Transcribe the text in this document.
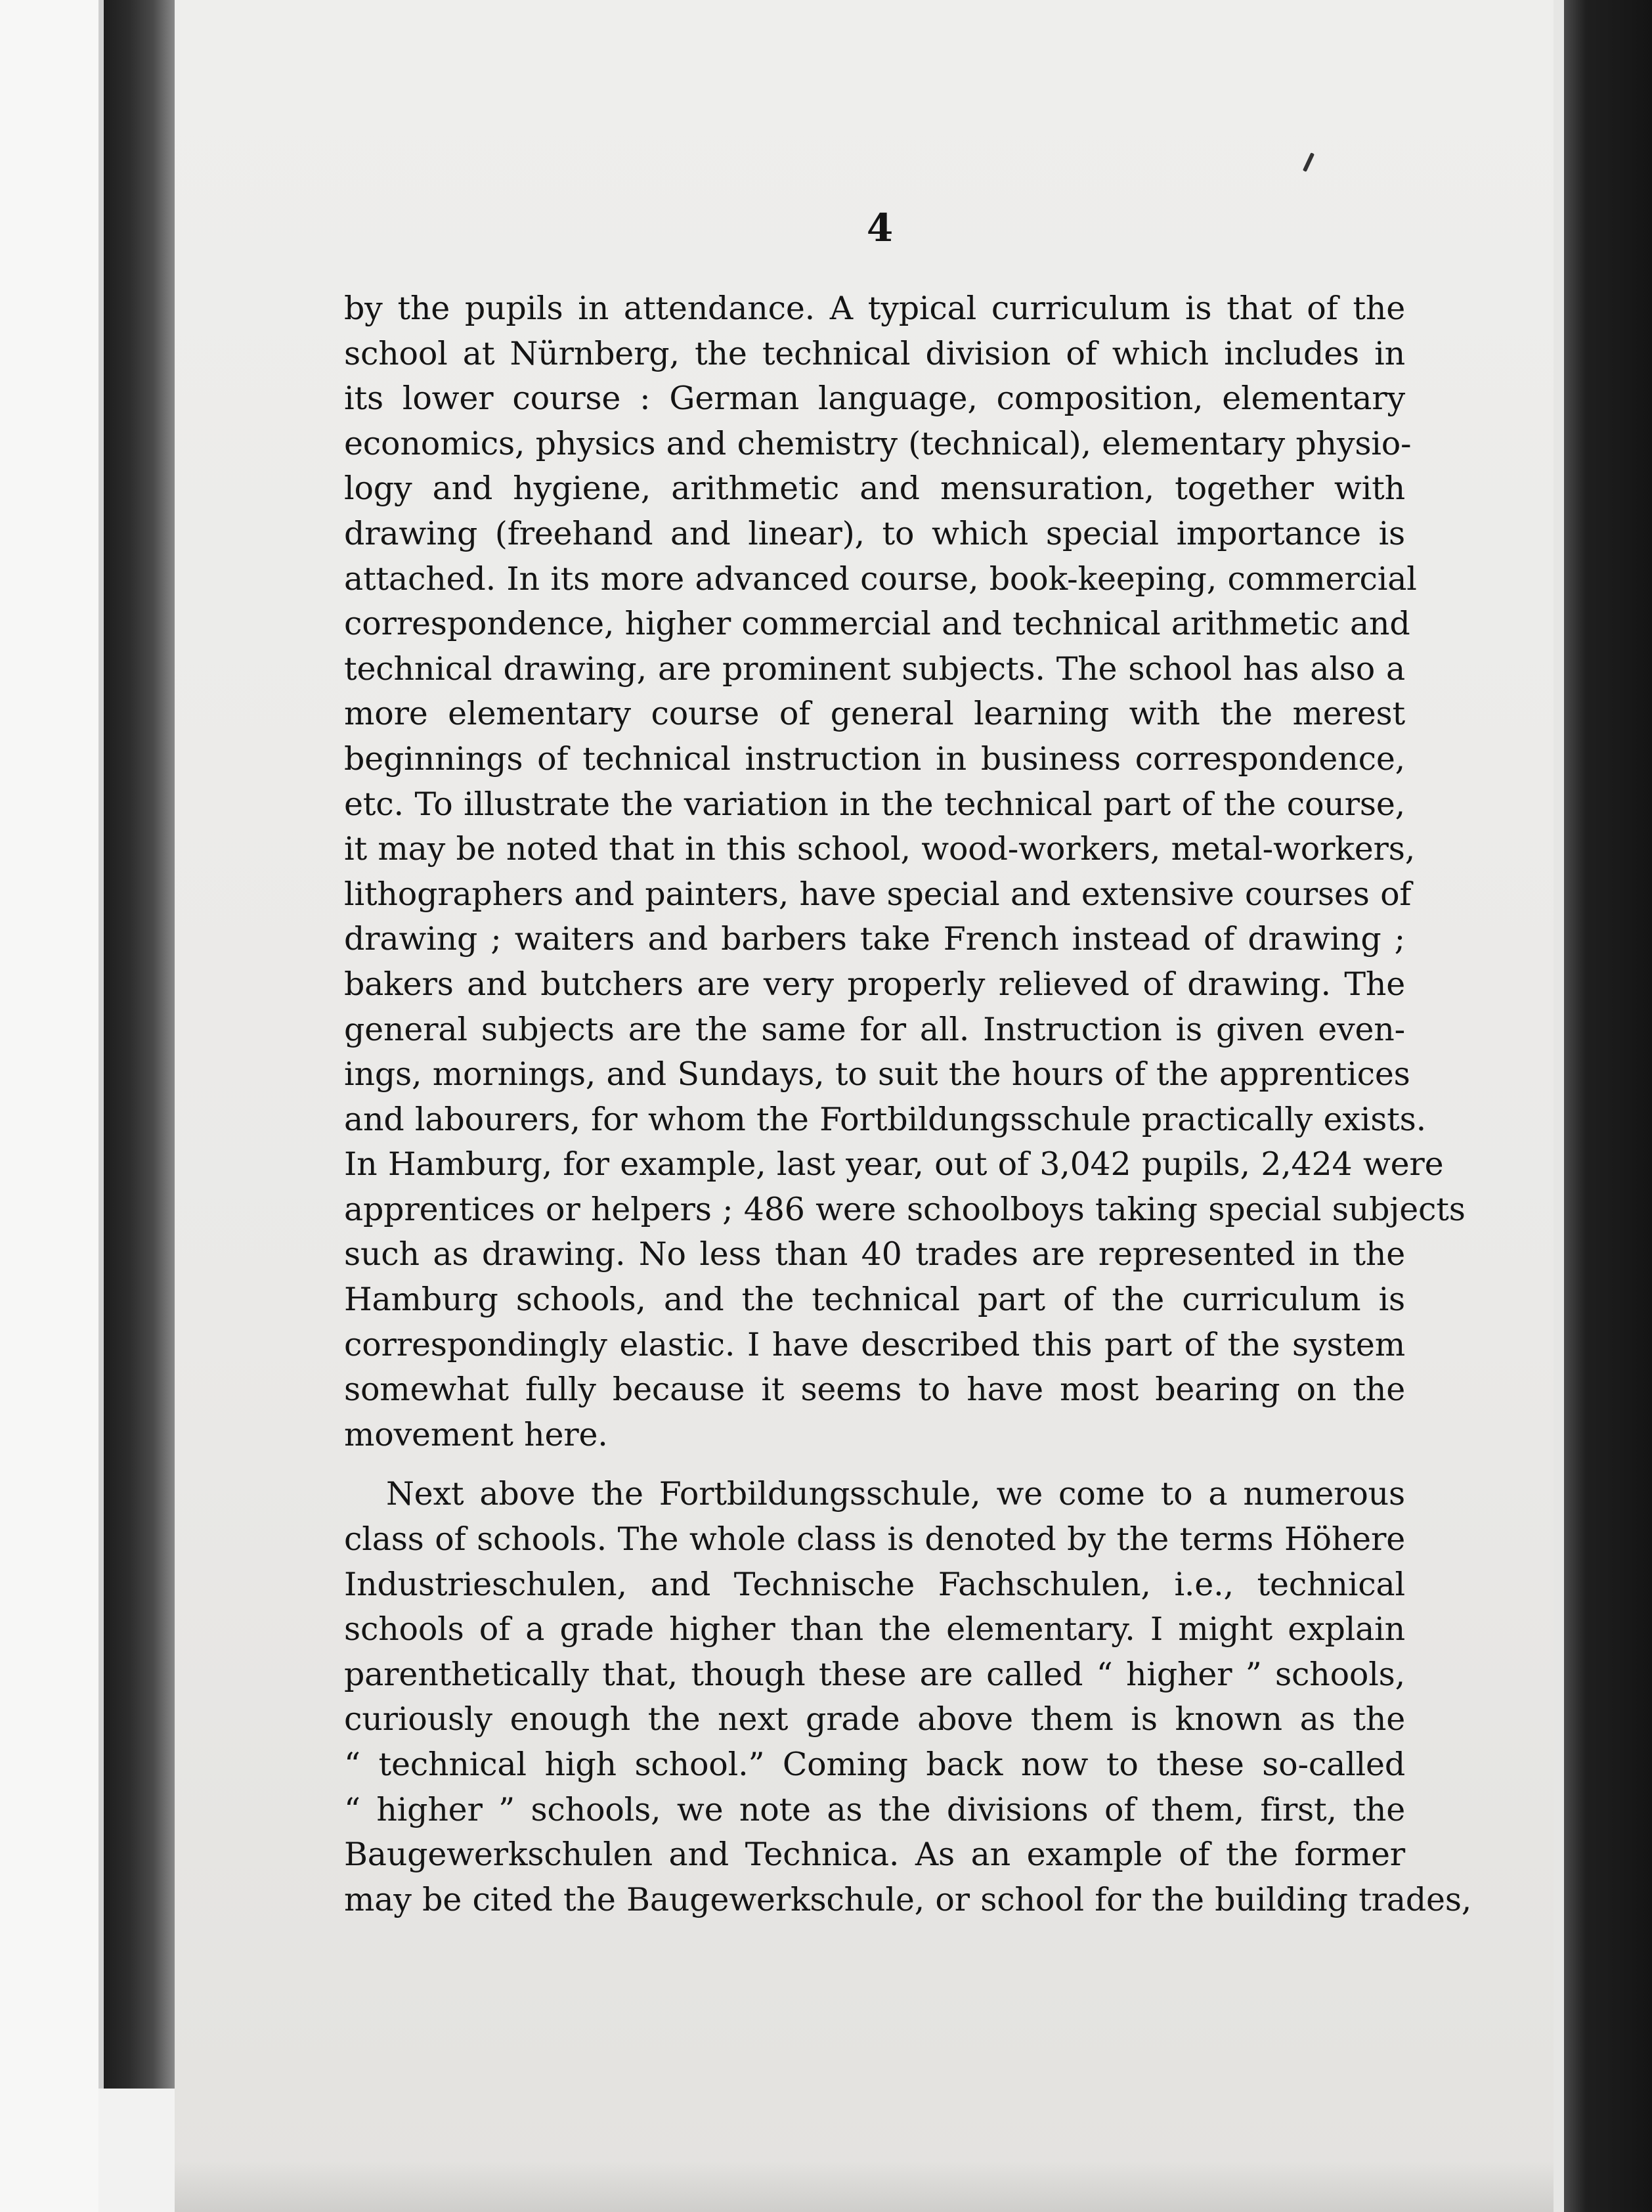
4
by the pupils in attendance. A typical curriculum is that of the
school at Nürnberg, the technical division of which includes in
its lower course : German language, composition, elementary
economics, physics and chemistry (technical), elementary physio-
logy and hygiene, arithmetic and mensuration, together with
drawing (freehand and linear), to which special importance is
attached. In its more advanced course, book-keeping, commercial
correspondence, higher commercial and technical arithmetic and
technical drawing, are prominent subjects. The school has also a
more elementary course of general learning with the merest
beginnings of technical instruction in business correspondence,
etc. To illustrate the variation in the technical part of the course,
it may be noted that in this school, wood-workers, metal-workers,
lithographers and painters, have special and extensive courses of
drawing ; waiters and barbers take French instead of drawing ;
bakers and butchers are very properly relieved of drawing. The
general subjects are the same for all. Instruction is given even-
ings, mornings, and Sundays, to suit the hours of the apprentices
and labourers, for whom the Fortbildungsschule practically exists.
In Hamburg, for example, last year, out of 3,042 pupils, 2,424 were
apprentices or helpers ; 486 were schoolboys taking special subjects
such as drawing. No less than 40 trades are represented in the
Hamburg schools, and the technical part of the curriculum is
correspondingly elastic. I have described this part of the system
somewhat fully because it seems to have most bearing on the
movement here.
Next above the Fortbildungsschule, we come to a numerous
class of schools. The whole class is denoted by the terms Höhere
Industrieschulen, and Technische Fachschulen, i.e., technical
schools of a grade higher than the elementary. I might explain
parenthetically that, though these are called “ higher ” schools,
curiously enough the next grade above them is known as the
“ technical high school.” Coming back now to these so-called
“ higher ” schools, we note as the divisions of them, first, the
Baugewerkschulen and Technica. As an example of the former
may be cited the Baugewerkschule, or school for the building trades,
